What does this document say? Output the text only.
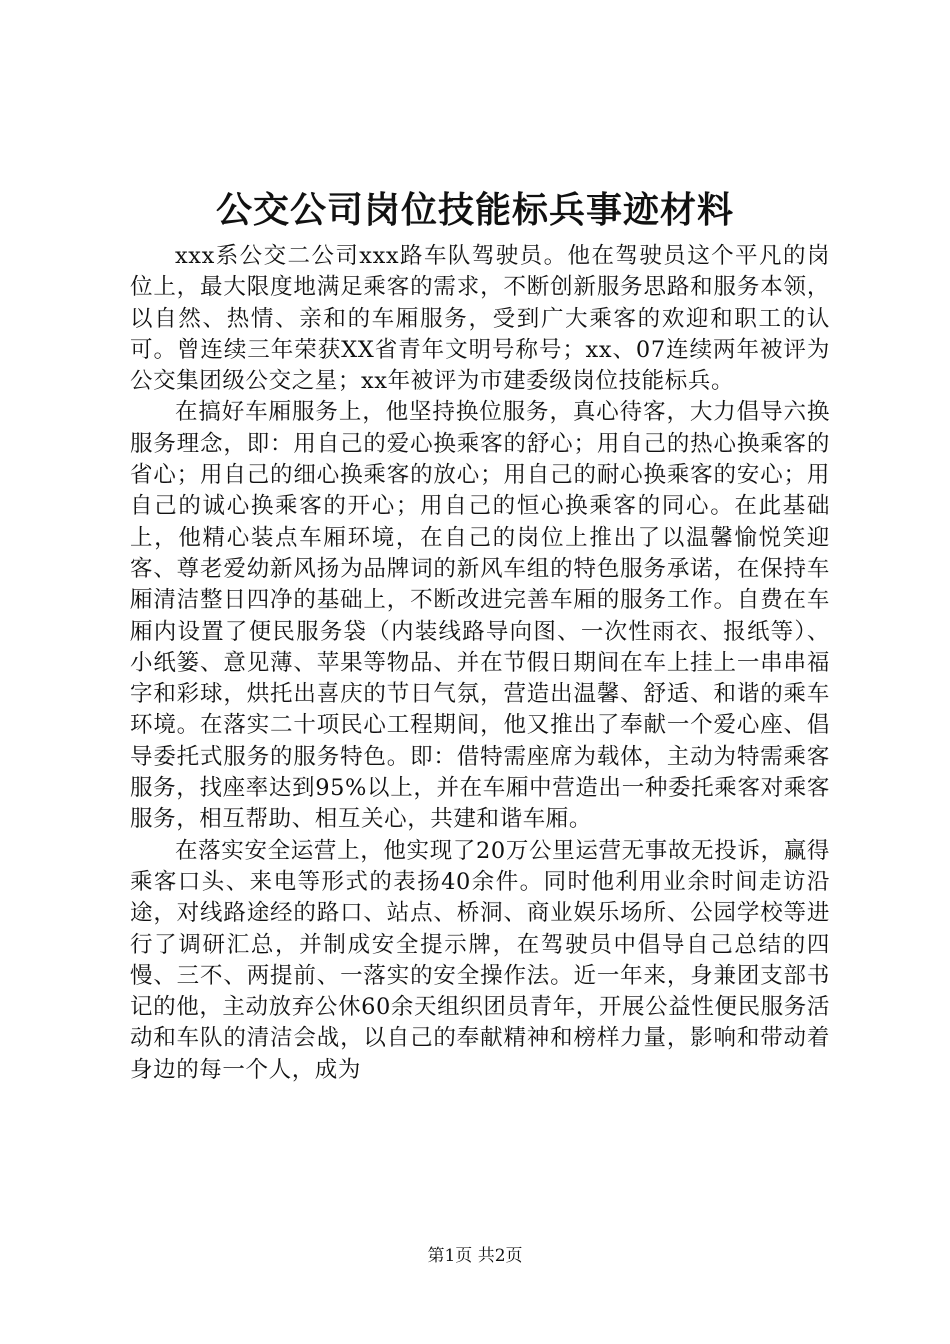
公交公司岗位技能标兵事迹材料

xxx系公交二公司xxx路车队驾驶员。他在驾驶员这个平凡的岗位上，最大限度地满足乘客的需求，不断创新服务思路和服务本领，以自然、热情、亲和的车厢服务，受到广大乘客的欢迎和职工的认可。曾连续三年荣获XX省青年文明号称号；xx、07连续两年被评为公交集团级公交之星；xx年被评为市建委级岗位技能标兵。

在搞好车厢服务上，他坚持换位服务，真心待客，大力倡导六换服务理念，即：用自己的爱心换乘客的舒心；用自己的热心换乘客的省心；用自己的细心换乘客的放心；用自己的耐心换乘客的安心；用自己的诚心换乘客的开心；用自己的恒心换乘客的同心。在此基础上，他精心装点车厢环境，在自己的岗位上推出了以温馨愉悦笑迎客、尊老爱幼新风扬为品牌词的新风车组的特色服务承诺，在保持车厢清洁整日四净的基础上，不断改进完善车厢的服务工作。自费在车厢内设置了便民服务袋（内装线路导向图、一次性雨衣、报纸等）、小纸篓、意见薄、苹果等物品、并在节假日期间在车上挂上一串串福字和彩球，烘托出喜庆的节日气氛，营造出温馨、舒适、和谐的乘车环境。在落实二十项民心工程期间，他又推出了奉献一个爱心座、倡导委托式服务的服务特色。即：借特需座席为载体，主动为特需乘客服务，找座率达到95%以上，并在车厢中营造出一种委托乘客对乘客服务，相互帮助、相互关心，共建和谐车厢。

在落实安全运营上，他实现了20万公里运营无事故无投诉，赢得乘客口头、来电等形式的表扬40余件。同时他利用业余时间走访沿途，对线路途经的路口、站点、桥洞、商业娱乐场所、公园学校等进行了调研汇总，并制成安全提示牌，在驾驶员中倡导自己总结的四慢、三不、两提前、一落实的安全操作法。近一年来，身兼团支部书记的他，主动放弃公休60余天组织团员青年，开展公益性便民服务活动和车队的清洁会战，以自己的奉献精神和榜样力量，影响和带动着身边的每一个人，成为

第1页 共2页
